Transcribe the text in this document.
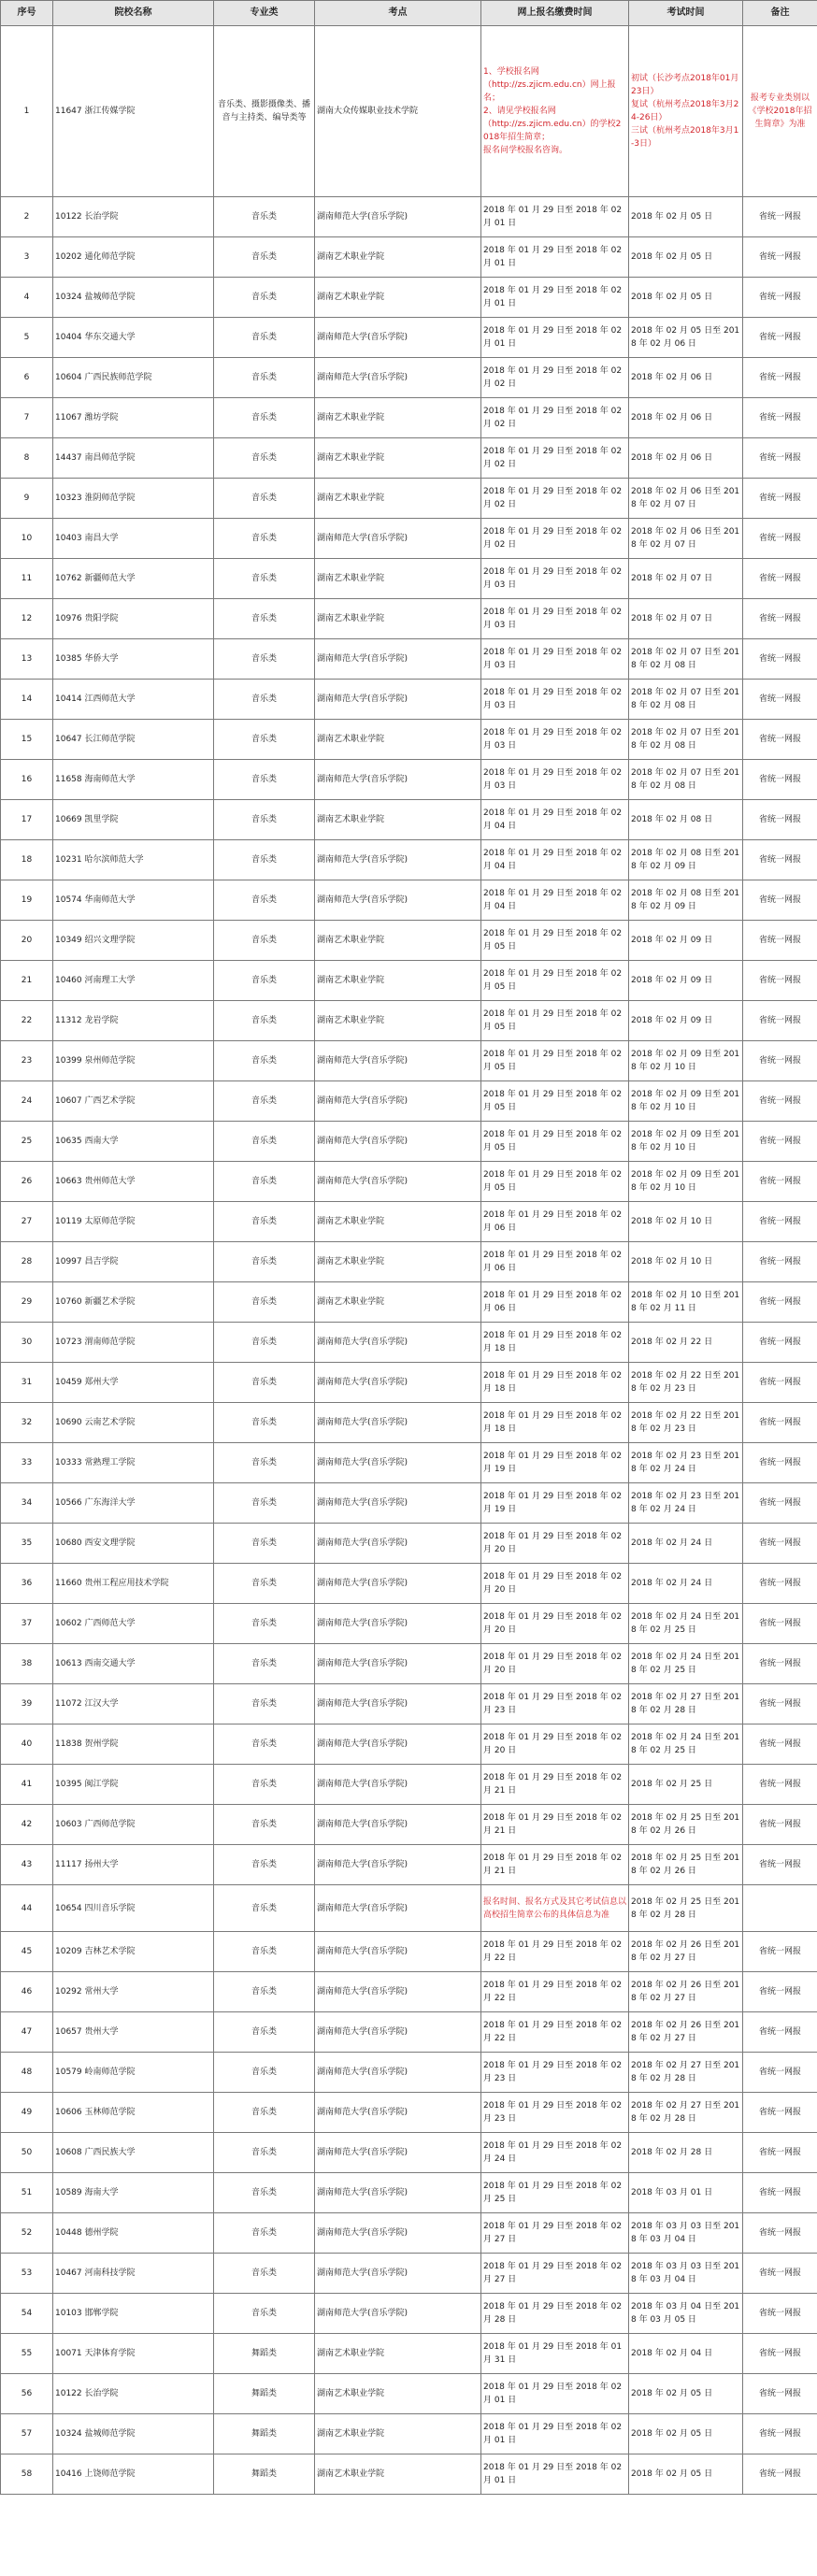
序号	院校名称	专业类	考点	网上报名缴费时间	考试时间	备注
1	11647 浙江传媒学院	音乐类、摄影摄像类、播音与主持类、编导类等	湖南大众传媒职业技术学院	1、学校报名网
（http://zs.zjicm.edu.cn）网上报名；
2、请见学校报名网
（http://zs.zjicm.edu.cn）的学校2018年招生简章；
报名问学校报名咨询。	初试（长沙考点2018年01月23日）
复试（杭州考点2018年3月24-26日）
三试（杭州考点2018年3月1-3日）	报考专业类别以《学校2018年招生简章》为准
2	10122 长治学院	音乐类	湖南师范大学(音乐学院)	2018 年 01 月 29 日至 2018 年 02 月 01 日	2018 年 02 月 05 日	省统一网报
3	10202 通化师范学院	音乐类	湖南艺术职业学院	2018 年 01 月 29 日至 2018 年 02 月 01 日	2018 年 02 月 05 日	省统一网报
4	10324 盐城师范学院	音乐类	湖南艺术职业学院	2018 年 01 月 29 日至 2018 年 02 月 01 日	2018 年 02 月 05 日	省统一网报
5	10404 华东交通大学	音乐类	湖南师范大学(音乐学院)	2018 年 01 月 29 日至 2018 年 02 月 01 日	2018 年 02 月 05 日至 2018 年 02 月 06 日	省统一网报
6	10604 广西民族师范学院	音乐类	湖南师范大学(音乐学院)	2018 年 01 月 29 日至 2018 年 02 月 02 日	2018 年 02 月 06 日	省统一网报
7	11067 潍坊学院	音乐类	湖南艺术职业学院	2018 年 01 月 29 日至 2018 年 02 月 02 日	2018 年 02 月 06 日	省统一网报
8	14437 南昌师范学院	音乐类	湖南艺术职业学院	2018 年 01 月 29 日至 2018 年 02 月 02 日	2018 年 02 月 06 日	省统一网报
9	10323 淮阴师范学院	音乐类	湖南艺术职业学院	2018 年 01 月 29 日至 2018 年 02 月 02 日	2018 年 02 月 06 日至 2018 年 02 月 07 日	省统一网报
10	10403 南昌大学	音乐类	湖南师范大学(音乐学院)	2018 年 01 月 29 日至 2018 年 02 月 02 日	2018 年 02 月 06 日至 2018 年 02 月 07 日	省统一网报
11	10762 新疆师范大学	音乐类	湖南艺术职业学院	2018 年 01 月 29 日至 2018 年 02 月 03 日	2018 年 02 月 07 日	省统一网报
12	10976 贵阳学院	音乐类	湖南艺术职业学院	2018 年 01 月 29 日至 2018 年 02 月 03 日	2018 年 02 月 07 日	省统一网报
13	10385 华侨大学	音乐类	湖南师范大学(音乐学院)	2018 年 01 月 29 日至 2018 年 02 月 03 日	2018 年 02 月 07 日至 2018 年 02 月 08 日	省统一网报
14	10414 江西师范大学	音乐类	湖南师范大学(音乐学院)	2018 年 01 月 29 日至 2018 年 02 月 03 日	2018 年 02 月 07 日至 2018 年 02 月 08 日	省统一网报
15	10647 长江师范学院	音乐类	湖南艺术职业学院	2018 年 01 月 29 日至 2018 年 02 月 03 日	2018 年 02 月 07 日至 2018 年 02 月 08 日	省统一网报
16	11658 海南师范大学	音乐类	湖南师范大学(音乐学院)	2018 年 01 月 29 日至 2018 年 02 月 03 日	2018 年 02 月 07 日至 2018 年 02 月 08 日	省统一网报
17	10669 凯里学院	音乐类	湖南艺术职业学院	2018 年 01 月 29 日至 2018 年 02 月 04 日	2018 年 02 月 08 日	省统一网报
18	10231 哈尔滨师范大学	音乐类	湖南师范大学(音乐学院)	2018 年 01 月 29 日至 2018 年 02 月 04 日	2018 年 02 月 08 日至 2018 年 02 月 09 日	省统一网报
19	10574 华南师范大学	音乐类	湖南师范大学(音乐学院)	2018 年 01 月 29 日至 2018 年 02 月 04 日	2018 年 02 月 08 日至 2018 年 02 月 09 日	省统一网报
20	10349 绍兴文理学院	音乐类	湖南艺术职业学院	2018 年 01 月 29 日至 2018 年 02 月 05 日	2018 年 02 月 09 日	省统一网报
21	10460 河南理工大学	音乐类	湖南艺术职业学院	2018 年 01 月 29 日至 2018 年 02 月 05 日	2018 年 02 月 09 日	省统一网报
22	11312 龙岩学院	音乐类	湖南艺术职业学院	2018 年 01 月 29 日至 2018 年 02 月 05 日	2018 年 02 月 09 日	省统一网报
23	10399 泉州师范学院	音乐类	湖南师范大学(音乐学院)	2018 年 01 月 29 日至 2018 年 02 月 05 日	2018 年 02 月 09 日至 2018 年 02 月 10 日	省统一网报
24	10607 广西艺术学院	音乐类	湖南师范大学(音乐学院)	2018 年 01 月 29 日至 2018 年 02 月 05 日	2018 年 02 月 09 日至 2018 年 02 月 10 日	省统一网报
25	10635 西南大学	音乐类	湖南师范大学(音乐学院)	2018 年 01 月 29 日至 2018 年 02 月 05 日	2018 年 02 月 09 日至 2018 年 02 月 10 日	省统一网报
26	10663 贵州师范大学	音乐类	湖南师范大学(音乐学院)	2018 年 01 月 29 日至 2018 年 02 月 05 日	2018 年 02 月 09 日至 2018 年 02 月 10 日	省统一网报
27	10119 太原师范学院	音乐类	湖南艺术职业学院	2018 年 01 月 29 日至 2018 年 02 月 06 日	2018 年 02 月 10 日	省统一网报
28	10997 昌吉学院	音乐类	湖南艺术职业学院	2018 年 01 月 29 日至 2018 年 02 月 06 日	2018 年 02 月 10 日	省统一网报
29	10760 新疆艺术学院	音乐类	湖南艺术职业学院	2018 年 01 月 29 日至 2018 年 02 月 06 日	2018 年 02 月 10 日至 2018 年 02 月 11 日	省统一网报
30	10723 渭南师范学院	音乐类	湖南师范大学(音乐学院)	2018 年 01 月 29 日至 2018 年 02 月 18 日	2018 年 02 月 22 日	省统一网报
31	10459 郑州大学	音乐类	湖南师范大学(音乐学院)	2018 年 01 月 29 日至 2018 年 02 月 18 日	2018 年 02 月 22 日至 2018 年 02 月 23 日	省统一网报
32	10690 云南艺术学院	音乐类	湖南师范大学(音乐学院)	2018 年 01 月 29 日至 2018 年 02 月 18 日	2018 年 02 月 22 日至 2018 年 02 月 23 日	省统一网报
33	10333 常熟理工学院	音乐类	湖南师范大学(音乐学院)	2018 年 01 月 29 日至 2018 年 02 月 19 日	2018 年 02 月 23 日至 2018 年 02 月 24 日	省统一网报
34	10566 广东海洋大学	音乐类	湖南师范大学(音乐学院)	2018 年 01 月 29 日至 2018 年 02 月 19 日	2018 年 02 月 23 日至 2018 年 02 月 24 日	省统一网报
35	10680 西安文理学院	音乐类	湖南师范大学(音乐学院)	2018 年 01 月 29 日至 2018 年 02 月 20 日	2018 年 02 月 24 日	省统一网报
36	11660 贵州工程应用技术学院	音乐类	湖南师范大学(音乐学院)	2018 年 01 月 29 日至 2018 年 02 月 20 日	2018 年 02 月 24 日	省统一网报
37	10602 广西师范大学	音乐类	湖南师范大学(音乐学院)	2018 年 01 月 29 日至 2018 年 02 月 20 日	2018 年 02 月 24 日至 2018 年 02 月 25 日	省统一网报
38	10613 西南交通大学	音乐类	湖南师范大学(音乐学院)	2018 年 01 月 29 日至 2018 年 02 月 20 日	2018 年 02 月 24 日至 2018 年 02 月 25 日	省统一网报
39	11072 江汉大学	音乐类	湖南师范大学(音乐学院)	2018 年 01 月 29 日至 2018 年 02 月 23 日	2018 年 02 月 27 日至 2018 年 02 月 28 日	省统一网报
40	11838 贺州学院	音乐类	湖南师范大学(音乐学院)	2018 年 01 月 29 日至 2018 年 02 月 20 日	2018 年 02 月 24 日至 2018 年 02 月 25 日	省统一网报
41	10395 闽江学院	音乐类	湖南师范大学(音乐学院)	2018 年 01 月 29 日至 2018 年 02 月 21 日	2018 年 02 月 25 日	省统一网报
42	10603 广西师范学院	音乐类	湖南师范大学(音乐学院)	2018 年 01 月 29 日至 2018 年 02 月 21 日	2018 年 02 月 25 日至 2018 年 02 月 26 日	省统一网报
43	11117 扬州大学	音乐类	湖南师范大学(音乐学院)	2018 年 01 月 29 日至 2018 年 02 月 21 日	2018 年 02 月 25 日至 2018 年 02 月 26 日	省统一网报
44	10654 四川音乐学院	音乐类	湖南师范大学(音乐学院)	报名时间、报名方式及其它考试信息以高校招生简章公布的具体信息为准	2018 年 02 月 25 日至 2018 年 02 月 28 日	
45	10209 吉林艺术学院	音乐类	湖南师范大学(音乐学院)	2018 年 01 月 29 日至 2018 年 02 月 22 日	2018 年 02 月 26 日至 2018 年 02 月 27 日	省统一网报
46	10292 常州大学	音乐类	湖南师范大学(音乐学院)	2018 年 01 月 29 日至 2018 年 02 月 22 日	2018 年 02 月 26 日至 2018 年 02 月 27 日	省统一网报
47	10657 贵州大学	音乐类	湖南师范大学(音乐学院)	2018 年 01 月 29 日至 2018 年 02 月 22 日	2018 年 02 月 26 日至 2018 年 02 月 27 日	省统一网报
48	10579 岭南师范学院	音乐类	湖南师范大学(音乐学院)	2018 年 01 月 29 日至 2018 年 02 月 23 日	2018 年 02 月 27 日至 2018 年 02 月 28 日	省统一网报
49	10606 玉林师范学院	音乐类	湖南师范大学(音乐学院)	2018 年 01 月 29 日至 2018 年 02 月 23 日	2018 年 02 月 27 日至 2018 年 02 月 28 日	省统一网报
50	10608 广西民族大学	音乐类	湖南师范大学(音乐学院)	2018 年 01 月 29 日至 2018 年 02 月 24 日	2018 年 02 月 28 日	省统一网报
51	10589 海南大学	音乐类	湖南师范大学(音乐学院)	2018 年 01 月 29 日至 2018 年 02 月 25 日	2018 年 03 月 01 日	省统一网报
52	10448 德州学院	音乐类	湖南师范大学(音乐学院)	2018 年 01 月 29 日至 2018 年 02 月 27 日	2018 年 03 月 03 日至 2018 年 03 月 04 日	省统一网报
53	10467 河南科技学院	音乐类	湖南师范大学(音乐学院)	2018 年 01 月 29 日至 2018 年 02 月 27 日	2018 年 03 月 03 日至 2018 年 03 月 04 日	省统一网报
54	10103 邯郸学院	音乐类	湖南师范大学(音乐学院)	2018 年 01 月 29 日至 2018 年 02 月 28 日	2018 年 03 月 04 日至 2018 年 03 月 05 日	省统一网报
55	10071 天津体育学院	舞蹈类	湖南艺术职业学院	2018 年 01 月 29 日至 2018 年 01 月 31 日	2018 年 02 月 04 日	省统一网报
56	10122 长治学院	舞蹈类	湖南艺术职业学院	2018 年 01 月 29 日至 2018 年 02 月 01 日	2018 年 02 月 05 日	省统一网报
57	10324 盐城师范学院	舞蹈类	湖南艺术职业学院	2018 年 01 月 29 日至 2018 年 02 月 01 日	2018 年 02 月 05 日	省统一网报
58	10416 上饶师范学院	舞蹈类	湖南艺术职业学院	2018 年 01 月 29 日至 2018 年 02 月 01 日	2018 年 02 月 05 日	省统一网报
